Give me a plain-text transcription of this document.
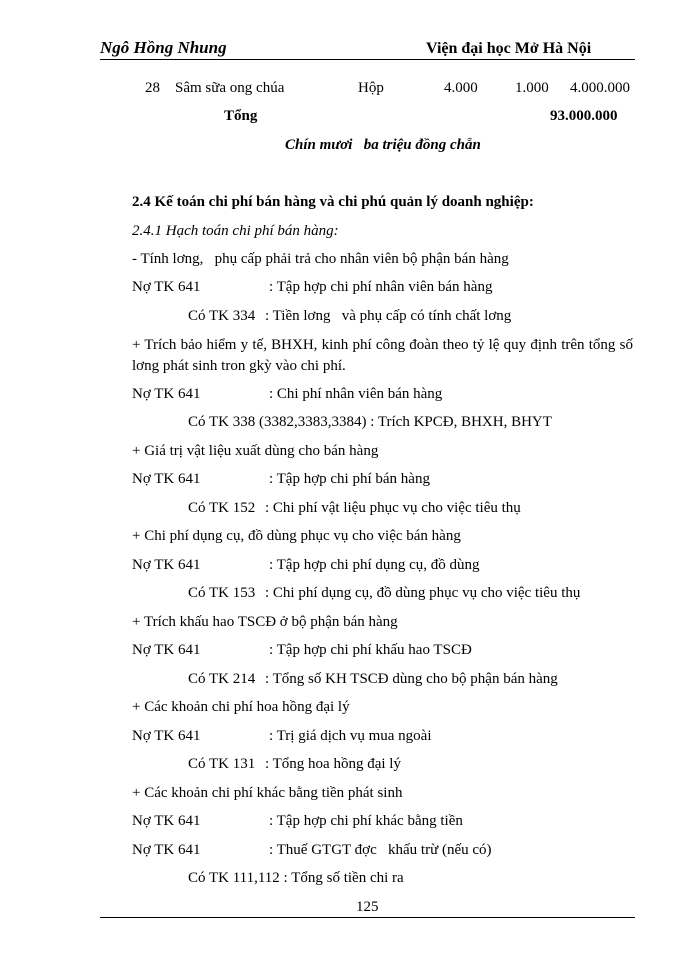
Ngô Hồng Nhung	Viện đại học Mở Hà Nội
28 Sâm sữa ong chúa	Hộp	4.000 1.000 4.000.000
Tổng	93.000.000
Chín mươi   ba triệu đồng chẵn
2.4 Kế toán chi phí bán hàng và chi phú quản lý doanh nghiệp:
2.4.1 Hạch toán chi phí bán hàng:
- Tính lơng,   phụ cấp phải trả cho nhân viên bộ phận bán hàng
Nợ TK 641	: Tập hợp chi phí nhân viên bán hàng
Có TK 334 : Tiền lơng   và phụ cấp có tính chất lơng
+ Trích bảo hiểm y tế, BHXH, kinh phí công đoàn theo tỷ lệ quy định trên tổng số lơng phát sinh tron gkỳ vào chi phí.
Nợ TK 641	: Chi phí nhân viên bán hàng
Có TK 338 (3382,3383,3384) : Trích KPCĐ, BHXH, BHYT
+ Giá trị vật liệu xuất dùng cho bán hàng
Nợ TK 641	: Tập hợp chi phí bán hàng
Có TK 152 : Chi phí vật liệu phục vụ cho việc tiêu thụ
+ Chi phí dụng cụ, đồ dùng phục vụ cho việc bán hàng
Nợ TK 641	: Tập hợp chi phí dụng cụ, đồ dùng
Có TK 153 : Chi phí dụng cụ, đồ dùng phục vụ cho việc tiêu thụ
+ Trích khấu hao TSCĐ ở bộ phận bán hàng
Nợ TK 641	: Tập hợp chi phí khấu hao TSCĐ
Có TK 214 : Tổng số KH TSCĐ dùng cho bộ phận bán hàng
+ Các khoản chi phí hoa hồng đại lý
Nợ TK 641	: Trị giá dịch vụ mua ngoài
Có TK 131 : Tổng hoa hồng đại lý
+ Các khoản chi phí khác bằng tiền phát sinh
Nợ TK 641	: Tập hợp chi phí khác bằng tiền
Nợ TK 641	: Thuế GTGT đợc   khấu trừ (nếu có)
Có TK 111,112 : Tổng số tiền chi ra
125
